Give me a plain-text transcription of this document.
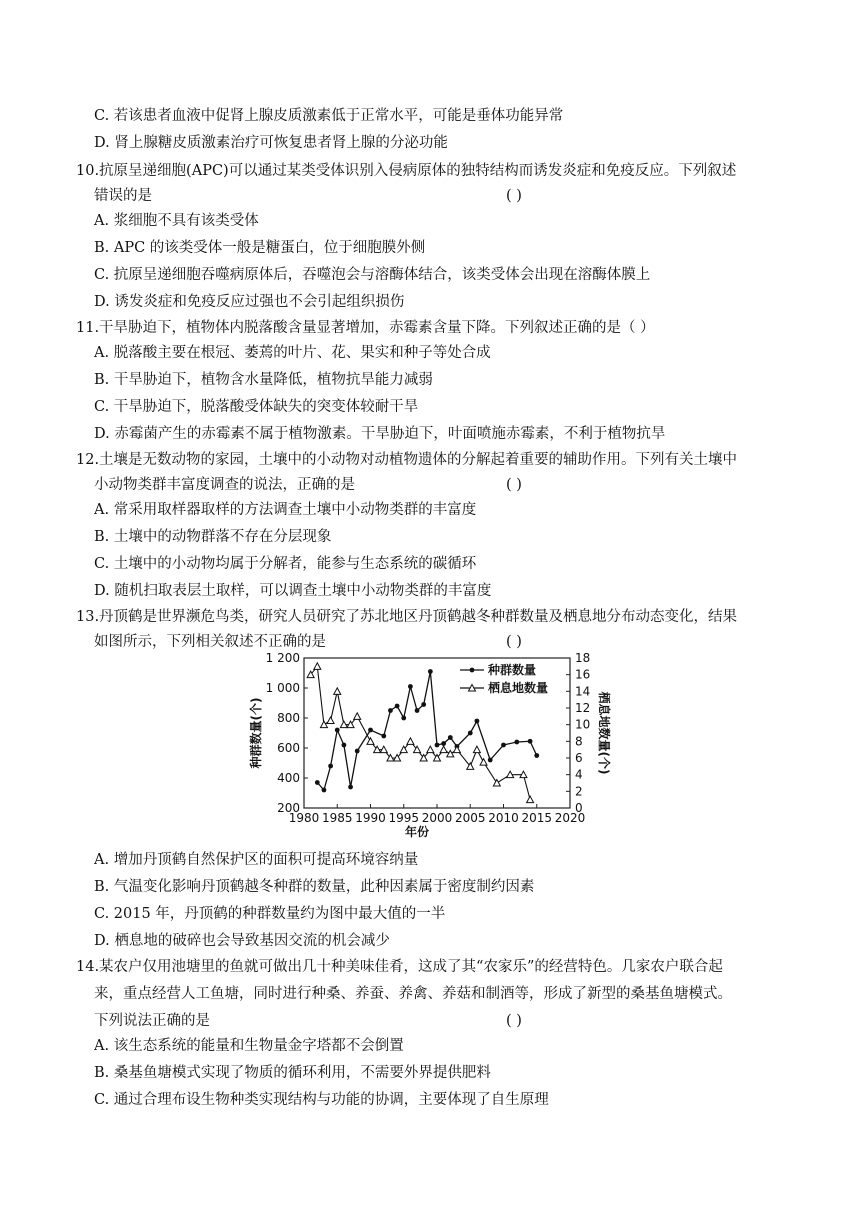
C. 若该患者血液中促肾上腺皮质激素低于正常水平，可能是垂体功能异常
D. 肾上腺糖皮质激素治疗可恢复患者肾上腺的分泌功能
10.抗原呈递细胞(APC)可以通过某类受体识别入侵病原体的独特结构而诱发炎症和免疫反应。下列叙述
错误的是	( )
A. 浆细胞不具有该类受体
B. APC 的该类受体一般是糖蛋白，位于细胞膜外侧
C. 抗原呈递细胞吞噬病原体后，吞噬泡会与溶酶体结合，该类受体会出现在溶酶体膜上
D. 诱发炎症和免疫反应过强也不会引起组织损伤
11.干旱胁迫下，植物体内脱落酸含量显著增加，赤霉素含量下降。下列叙述正确的是（ ）
A. 脱落酸主要在根冠、萎蔫的叶片、花、果实和种子等处合成
B. 干旱胁迫下，植物含水量降低，植物抗旱能力减弱
C. 干旱胁迫下，脱落酸受体缺失的突变体较耐干旱
D. 赤霉菌产生的赤霉素不属于植物激素。干旱胁迫下，叶面喷施赤霉素，不利于植物抗旱
12.土壤是无数动物的家园，土壤中的小动物对动植物遗体的分解起着重要的辅助作用。下列有关土壤中
小动物类群丰富度调查的说法，正确的是	( )
A. 常采用取样器取样的方法调查土壤中小动物类群的丰富度
B. 土壤中的动物群落不存在分层现象
C. 土壤中的小动物均属于分解者，能参与生态系统的碳循环
D. 随机扫取表层土取样，可以调查土壤中小动物类群的丰富度
13.丹顶鹤是世界濒危鸟类，研究人员研究了苏北地区丹顶鹤越冬种群数量及栖息地分布动态变化，结果
如图所示，下列相关叙述不正确的是	( )
A. 增加丹顶鹤自然保护区的面积可提高环境容纳量
B. 气温变化影响丹顶鹤越冬种群的数量，此种因素属于密度制约因素
C. 2015 年，丹顶鹤的种群数量约为图中最大值的一半
D. 栖息地的破碎也会导致基因交流的机会减少
14.某农户仅用池塘里的鱼就可做出几十种美味佳肴，这成了其“农家乐”的经营特色。几家农户联合起
来，重点经营人工鱼塘，同时进行种桑、养蚕、养禽、养菇和制酒等，形成了新型的桑基鱼塘模式。
下列说法正确的是	( )
A. 该生态系统的能量和生物量金字塔都不会倒置
B. 桑基鱼塘模式实现了物质的循环利用，不需要外界提供肥料
C. 通过合理布设生物种类实现结构与功能的协调，主要体现了自生原理
1980 1985 1990 1995 2000 2005 2010 2015 2020
200
400
600
800
1 000
1 200
0
2
4
6
8
10
12
14
16
18
种群数量
栖息地数量
年份
种群数量(个)	栖息地数量(个)
